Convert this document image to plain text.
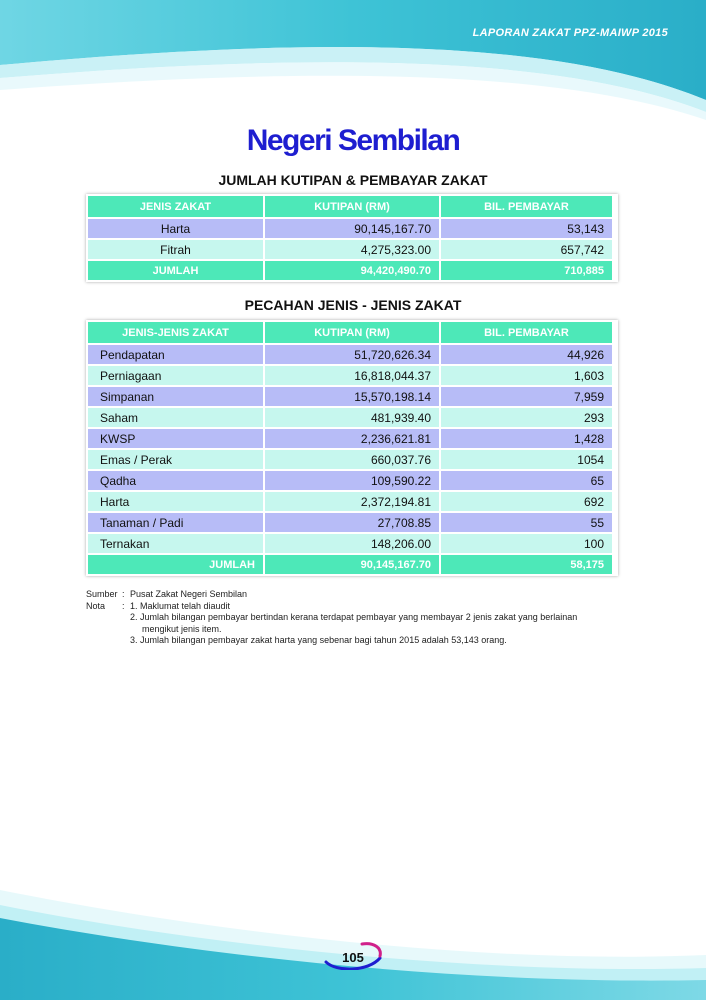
LAPORAN ZAKAT PPZ-MAIWP 2015
Negeri Sembilan
JUMLAH KUTIPAN & PEMBAYAR ZAKAT
JENIS ZAKAT	KUTIPAN (RM)	BIL. PEMBAYAR
Harta	90,145,167.70	53,143
Fitrah	4,275,323.00	657,742
JUMLAH	94,420,490.70	710,885
PECAHAN JENIS - JENIS ZAKAT
JENIS-JENIS ZAKAT	KUTIPAN (RM)	BIL. PEMBAYAR
Pendapatan	51,720,626.34	44,926
Perniagaan	16,818,044.37	1,603
Simpanan	15,570,198.14	7,959
Saham	481,939.40	293
KWSP	2,236,621.81	1,428
Emas / Perak	660,037.76	1054
Qadha	109,590.22	65
Harta	2,372,194.81	692
Tanaman / Padi	27,708.85	55
Ternakan	148,206.00	100
JUMLAH	90,145,167.70	58,175
Sumber : Pusat Zakat Negeri Sembilan
Nota	: 1. Maklumat telah diaudit
2. Jumlah bilangan pembayar bertindan kerana terdapat pembayar yang membayar 2 jenis zakat yang berlainan
mengikut jenis item.
3. Jumlah bilangan pembayar zakat harta yang sebenar bagi tahun 2015 adalah 53,143 orang.
105
